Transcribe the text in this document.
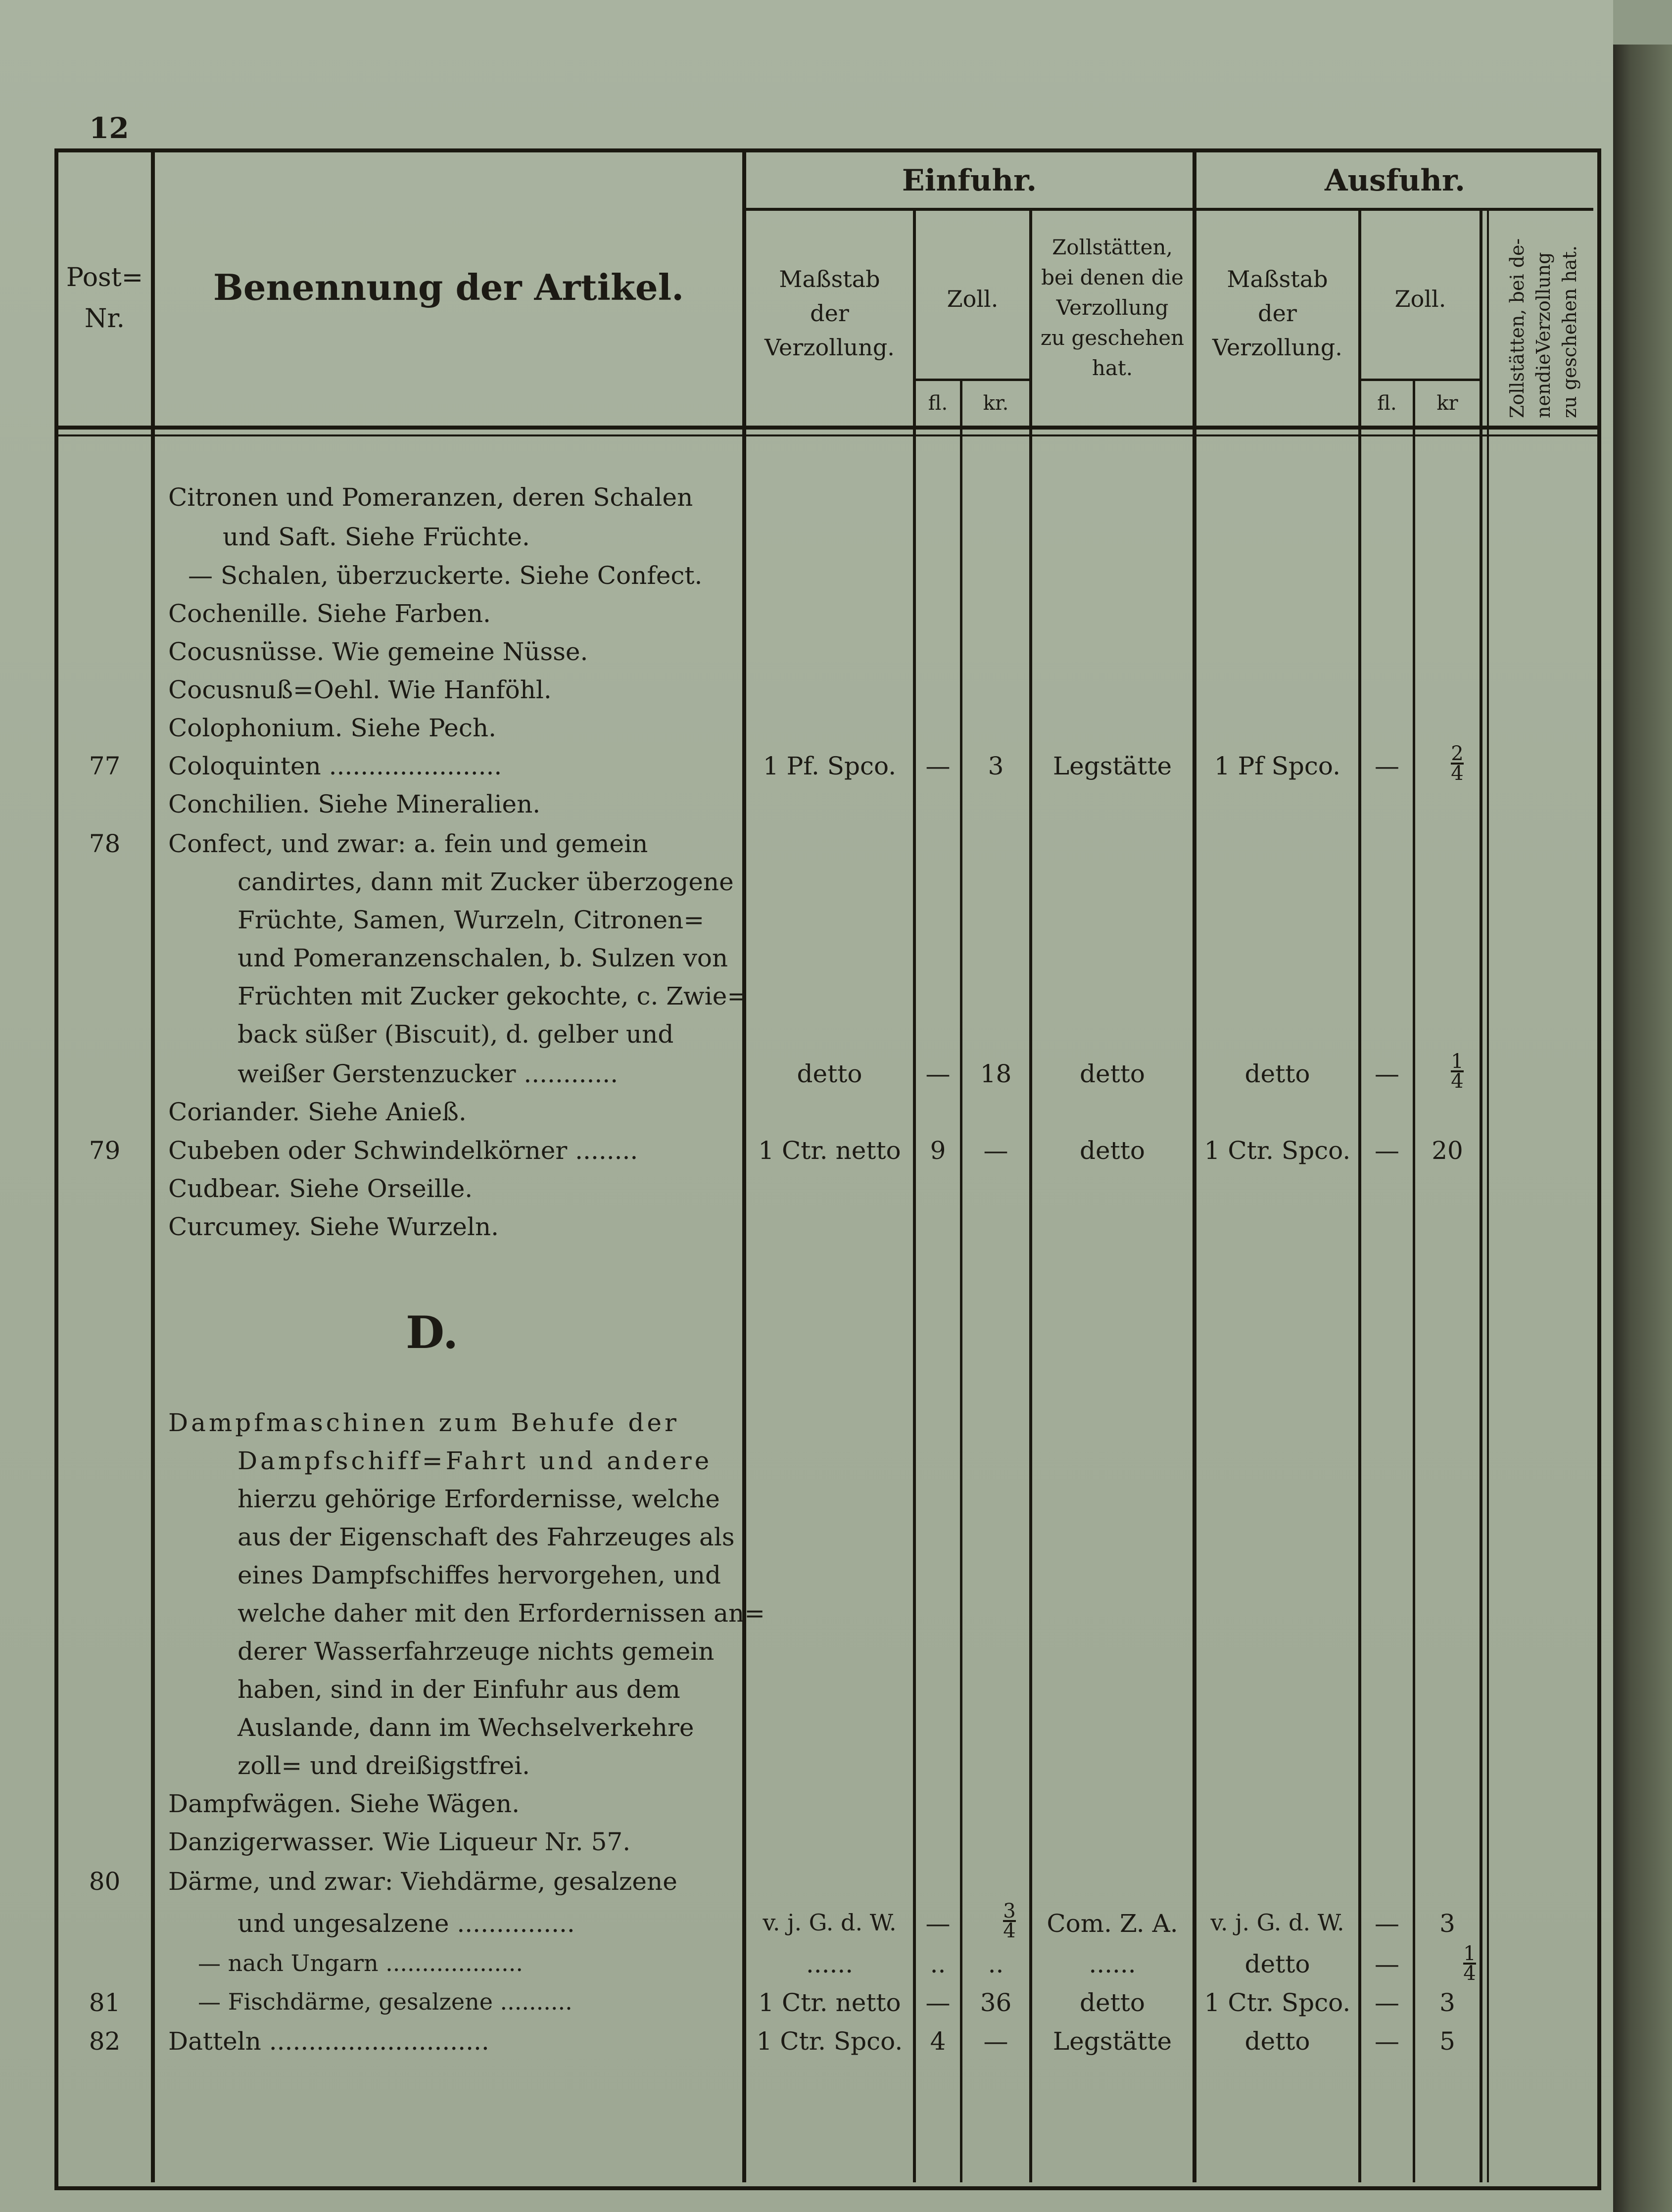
12
Post=
Nr.
Benennung der Artikel.
Einfuhr.	Ausfuhr.
Maßstab
der
Verzollung.
Zoll.
fl.	kr.
Zollstätten,
bei denen die
Verzollung
zu geschehen
hat.
Maßstab
der
Verzollung.
Zoll.
fl.	kr	Zollstätten, bei de- nendieVerzollung zu geschehen hat.
Citronen und Pomeranzen, deren Schalen
und Saft. Siehe Früchte.
— Schalen, überzuckerte. Siehe Confect.
Cochenille. Siehe Farben.
Cocusnüsse. Wie gemeine Nüsse.
Cocusnuß=Oehl. Wie Hanföhl.
Colophonium. Siehe Pech.
77	Coloquinten ......................	1 Pf. Spco.	—	3	Legstätte	1 Pf Spco.	—	$\frac{2}{4}$
Conchilien. Siehe Mineralien.
78	Confect, und zwar: a. fein und gemein
candirtes, dann mit Zucker überzogene
Früchte, Samen, Wurzeln, Citronen=
und Pomeranzenschalen, b. Sulzen von
Früchten mit Zucker gekochte, c. Zwie=
back süßer (Biscuit), d. gelber und
weißer Gerstenzucker ............	detto	—	18	detto	detto	—	$\frac{1}{4}$
Coriander. Siehe Anieß.
79	Cubeben oder Schwindelkörner ........	1 Ctr. netto	9	—	detto	1 Ctr. Spco. —	20
Cudbear. Siehe Orseille.
Curcumey. Siehe Wurzeln.
D.
Dampfmaschinen zum Behufe der
Dampfschiff=Fahrt und andere
hierzu gehörige Erfordernisse, welche
aus der Eigenschaft des Fahrzeuges als
eines Dampfschiffes hervorgehen, und
welche daher mit den Erfordernissen an=
derer Wasserfahrzeuge nichts gemein
haben, sind in der Einfuhr aus dem
Auslande, dann im Wechselverkehre
zoll= und dreißigstfrei.
Dampfwägen. Siehe Wägen.
Danzigerwasser. Wie Liqueur Nr. 57.
80	Därme, und zwar: Viehdärme, gesalzene
und ungesalzene ...............	v. j. G. d. W.	—	$\frac{3}{4}$	Com. Z. A.	v. j. G. d. W.	—	3
— nach Ungarn ...................	......	..	..	......	detto	—	$\frac{1}{4}$
81	— Fischdärme, gesalzene ..........	1 Ctr. netto —	36	detto	1 Ctr. Spco. —	3
82	Datteln ............................	1 Ctr. Spco.	4	—	Legstätte	detto	—	5
